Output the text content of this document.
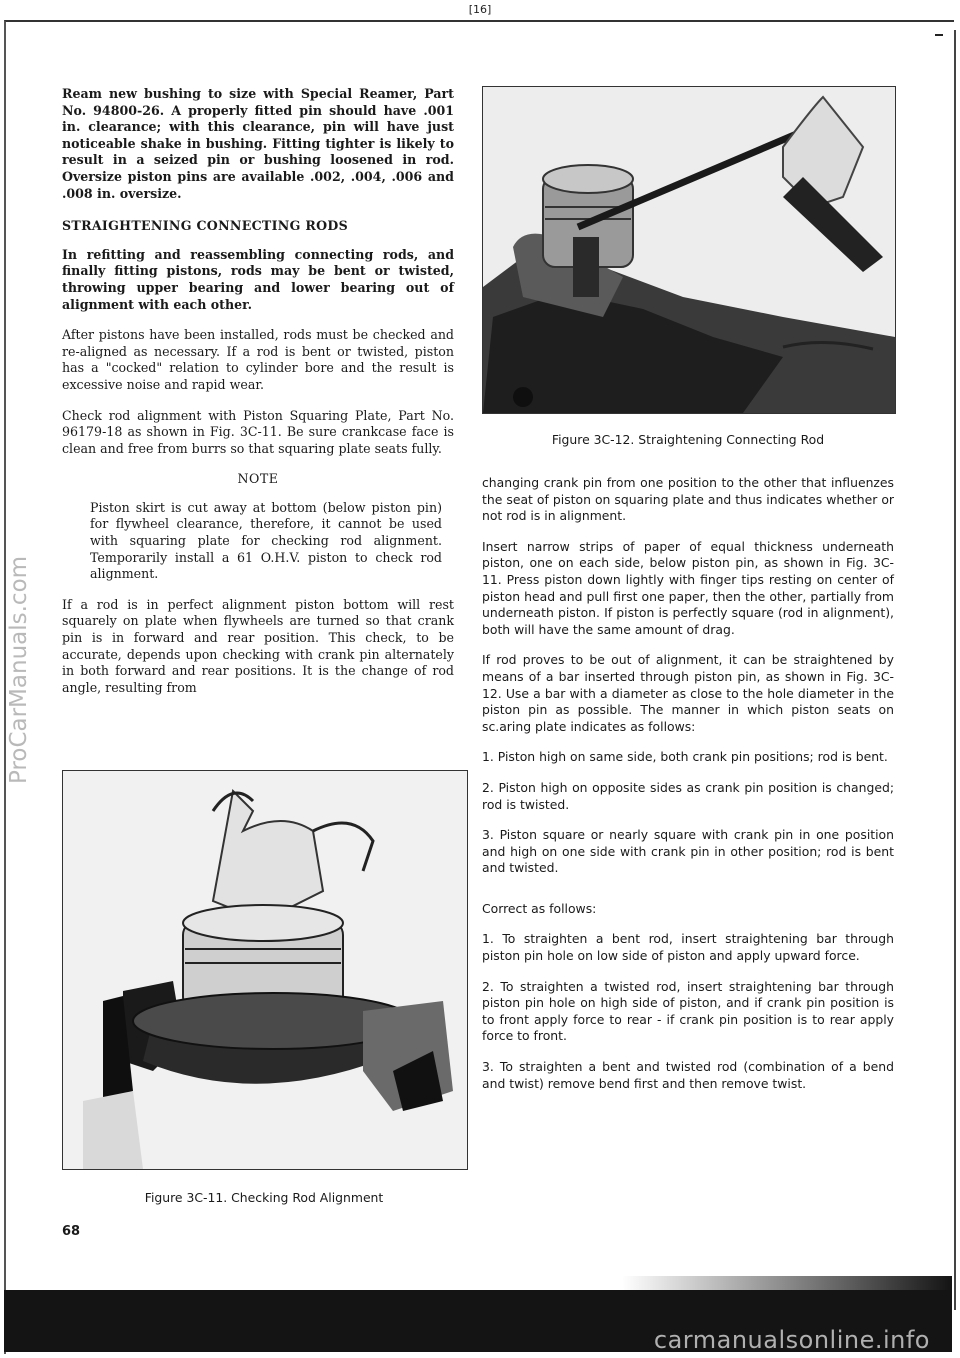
[16]
ProCarManuals.com

Ream new bushing to size with Special Reamer, Part No. 94800-26. A properly fitted pin should have .001 in. clearance; with this clearance, pin will have just noticeable shake in bushing. Fitting tighter is likely to result in a seized pin or bushing loosened in rod. Oversize piston pins are available .002, .004, .006 and .008 in. oversize.

STRAIGHTENING CONNECTING RODS

In refitting and reassembling connecting rods, and finally fitting pistons, rods may be bent or twisted, throwing upper bearing and lower bearing out of alignment with each other.

After pistons have been installed, rods must be checked and re-aligned as necessary. If a rod is bent or twisted, piston has a "cocked" relation to cylinder bore and the result is excessive noise and rapid wear.

Check rod alignment with Piston Squaring Plate, Part No. 96179-18 as shown in Fig. 3C-11. Be sure crankcase face is clean and free from burrs so that squaring plate seats fully.

NOTE

Piston skirt is cut away at bottom (below piston pin) for flywheel clearance, therefore, it cannot be used with squaring plate for checking rod alignment. Temporarily install a 61 O.H.V. piston to check rod alignment.

If a rod is in perfect alignment piston bottom will rest squarely on plate when flywheels are turned so that crank pin is in forward and rear position. This check, to be accurate, depends upon checking with crank pin alternately in both forward and rear positions. It is the change of rod angle, resulting from

Figure 3C-12. Straightening Connecting Rod

changing crank pin from one position to the other that influenzes the seat of piston on squaring plate and thus indicates whether or not rod is in alignment.

Insert narrow strips of paper of equal thickness underneath piston, one on each side, below piston pin, as shown in Fig. 3C-11. Press piston down lightly with finger tips resting on center of piston head and pull first one paper, then the other, partially from underneath piston. If piston is perfectly square (rod in alignment), both will have the same amount of drag.

If rod proves to be out of alignment, it can be straightened by means of a bar inserted through piston pin, as shown in Fig. 3C-12. Use a bar with a diameter as close to the hole diameter in the piston pin as possible. The manner in which piston seats on sc.aring plate indicates as follows:

1. Piston high on same side, both crank pin positions; rod is bent.

2. Piston high on opposite sides as crank pin position is changed; rod is twisted.

3. Piston square or nearly square with crank pin in one position and high on one side with crank pin in other position; rod is bent and twisted.

Correct as follows:

1. To straighten a bent rod, insert straightening bar through piston pin hole on low side of piston and apply upward force.

2. To straighten a twisted rod, insert straightening bar through piston pin hole on high side of piston, and if crank pin position is to front apply force to rear - if crank pin position is to rear apply force to front.

3. To straighten a bent and twisted rod (combination of a bend and twist) remove bend first and then remove twist.

Figure 3C-11. Checking Rod Alignment
68
carmanualsonline.info
